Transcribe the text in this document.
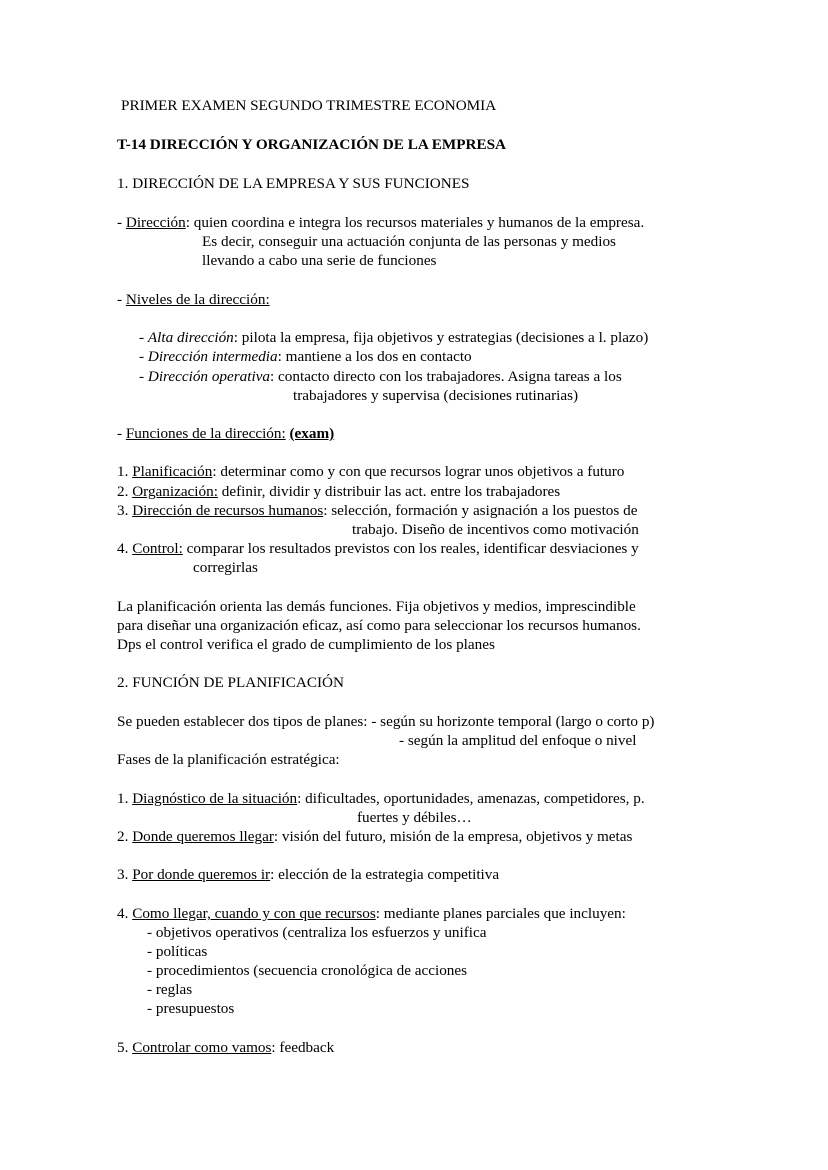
PRIMER EXAMEN SEGUNDO TRIMESTRE ECONOMIA
T-14 DIRECCIÓN Y ORGANIZACIÓN DE LA EMPRESA
1. DIRECCIÓN DE LA EMPRESA Y SUS FUNCIONES
- Dirección: quien coordina e integra los recursos materiales y humanos de la empresa.
Es decir, conseguir una actuación conjunta de las personas y medios
llevando a cabo una serie de funciones
- Niveles de la dirección:
- Alta dirección: pilota la empresa, fija objetivos y estrategias (decisiones a l. plazo)
- Dirección intermedia: mantiene a los dos en contacto
- Dirección operativa: contacto directo con los trabajadores. Asigna tareas a los
trabajadores y supervisa (decisiones rutinarias)
- Funciones de la dirección: (exam)
1. Planificación: determinar como y con que recursos lograr unos objetivos a futuro
2. Organización: definir, dividir y distribuir las act. entre los trabajadores
3. Dirección de recursos humanos: selección, formación y asignación a los puestos de
trabajo. Diseño de incentivos como motivación
4. Control: comparar los resultados previstos con los reales, identificar desviaciones y
corregirlas
La planificación orienta las demás funciones. Fija objetivos y medios, imprescindible
para diseñar una organización eficaz, así como para seleccionar los recursos humanos.
Dps el control verifica el grado de cumplimiento de los planes
2. FUNCIÓN DE PLANIFICACIÓN
Se pueden establecer dos tipos de planes: - según su horizonte temporal (largo o corto p)
- según la amplitud del enfoque o nivel
Fases de la planificación estratégica:
1. Diagnóstico de la situación: dificultades, oportunidades, amenazas, competidores, p.
fuertes y débiles…
2. Donde queremos llegar: visión del futuro, misión de la empresa, objetivos y metas
3. Por donde queremos ir: elección de la estrategia competitiva
4. Como llegar, cuando y con que recursos: mediante planes parciales que incluyen:
- objetivos operativos (centraliza los esfuerzos y unifica
- políticas
- procedimientos (secuencia cronológica de acciones
- reglas
- presupuestos
5. Controlar como vamos: feedback
